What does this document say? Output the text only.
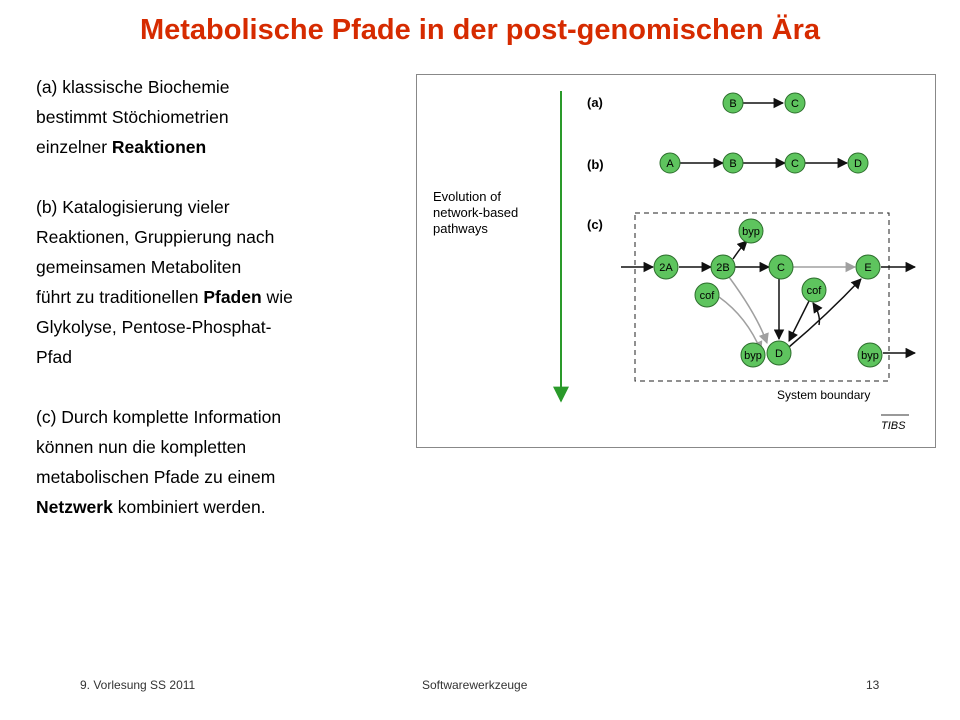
Metabolische Pfade in der post-genomischen Ära
(a) klassische Biochemie
bestimmt Stöchiometrien
einzelner Reaktionen
(b) Katalogisierung vieler
Reaktionen, Gruppierung nach
gemeinsamen Metaboliten
führt zu traditionellen Pfaden wie
Glykolyse, Pentose-Phosphat-
Pfad
(c) Durch komplette Information
können nun die kompletten
metabolischen Pfade zu einem
Netzwerk kombiniert werden.
Evolution of
network-based
pathways
(a)
(b)
(c)
B	C
A	B	C	D
2A	2B	C	E
byp
cof	cof
byp D	byp
System boundary
TIBS
9. Vorlesung SS 2011	Softwarewerkzeuge	13
